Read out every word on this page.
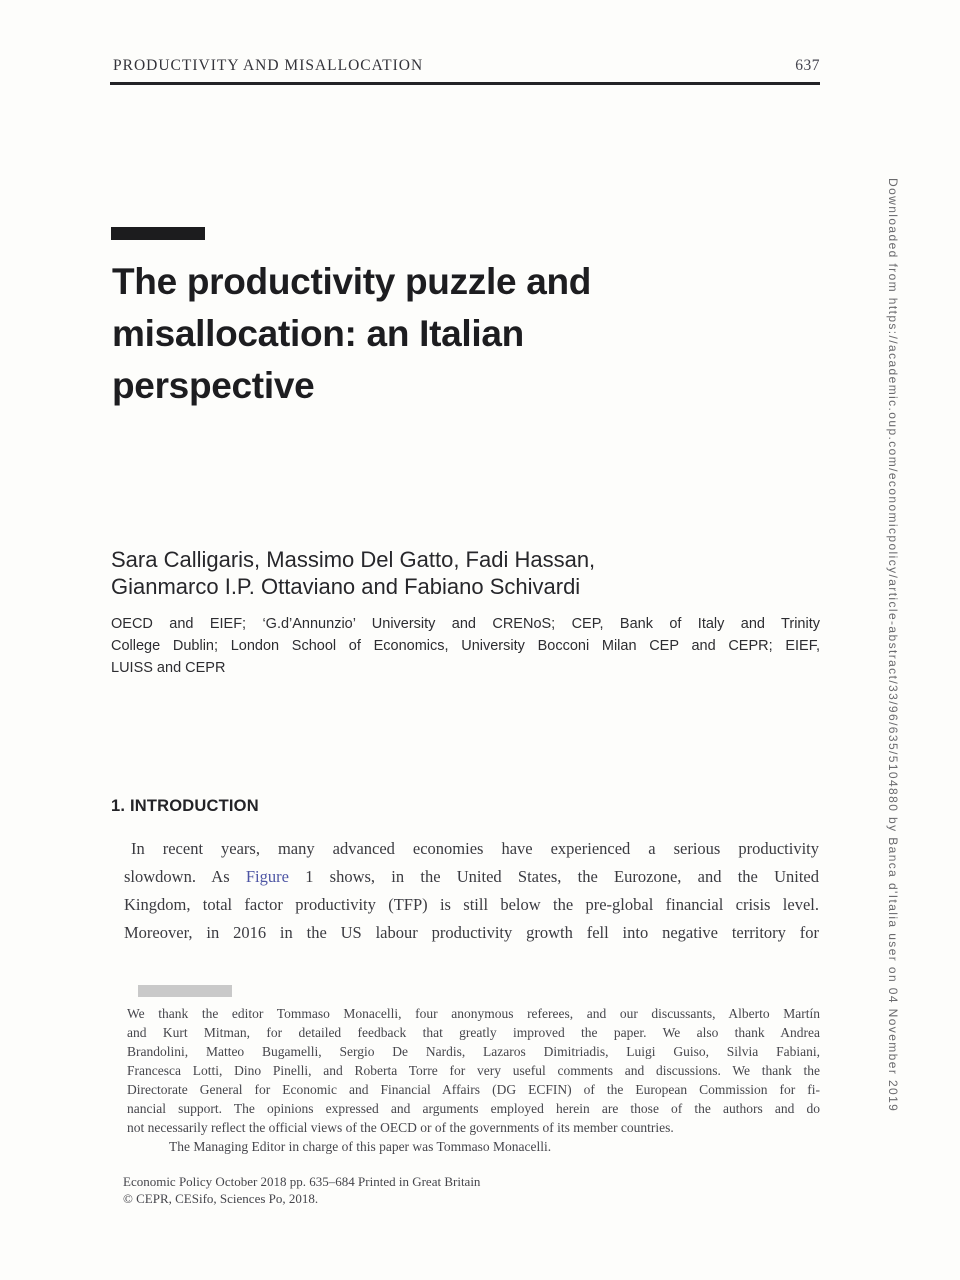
PRODUCTIVITY AND MISALLOCATION	637
The productivity puzzle and
misallocation: an Italian
perspective
Sara Calligaris, Massimo Del Gatto, Fadi Hassan,
Gianmarco I.P. Ottaviano and Fabiano Schivardi
OECD and EIEF; ‘G.d’Annunzio’ University and CRENoS; CEP, Bank of Italy and Trinity
College Dublin; London School of Economics, University Bocconi Milan CEP and CEPR; EIEF,
LUISS and CEPR
1. INTRODUCTION
In recent years, many advanced economies have experienced a serious productivity
slowdown. As Figure 1 shows, in the United States, the Eurozone, and the United
Kingdom, total factor productivity (TFP) is still below the pre-global financial crisis level.
Moreover, in 2016 in the US labour productivity growth fell into negative territory for
We thank the editor Tommaso Monacelli, four anonymous referees, and our discussants, Alberto Martín
and Kurt Mitman, for detailed feedback that greatly improved the paper. We also thank Andrea
Brandolini, Matteo Bugamelli, Sergio De Nardis, Lazaros Dimitriadis, Luigi Guiso, Silvia Fabiani,
Francesca Lotti, Dino Pinelli, and Roberta Torre for very useful comments and discussions. We thank the
Directorate General for Economic and Financial Affairs (DG ECFIN) of the European Commission for fi-
nancial support. The opinions expressed and arguments employed herein are those of the authors and do
not necessarily reflect the official views of the OECD or of the governments of its member countries.
The Managing Editor in charge of this paper was Tommaso Monacelli.
Economic Policy October 2018 pp. 635–684 Printed in Great Britain
© CEPR, CESifo, Sciences Po, 2018.
Downloaded from https://academic.oup.com/economicpolicy/article-abstract/33/96/635/5104880 by Banca d'Italia user on 04 November 2019
